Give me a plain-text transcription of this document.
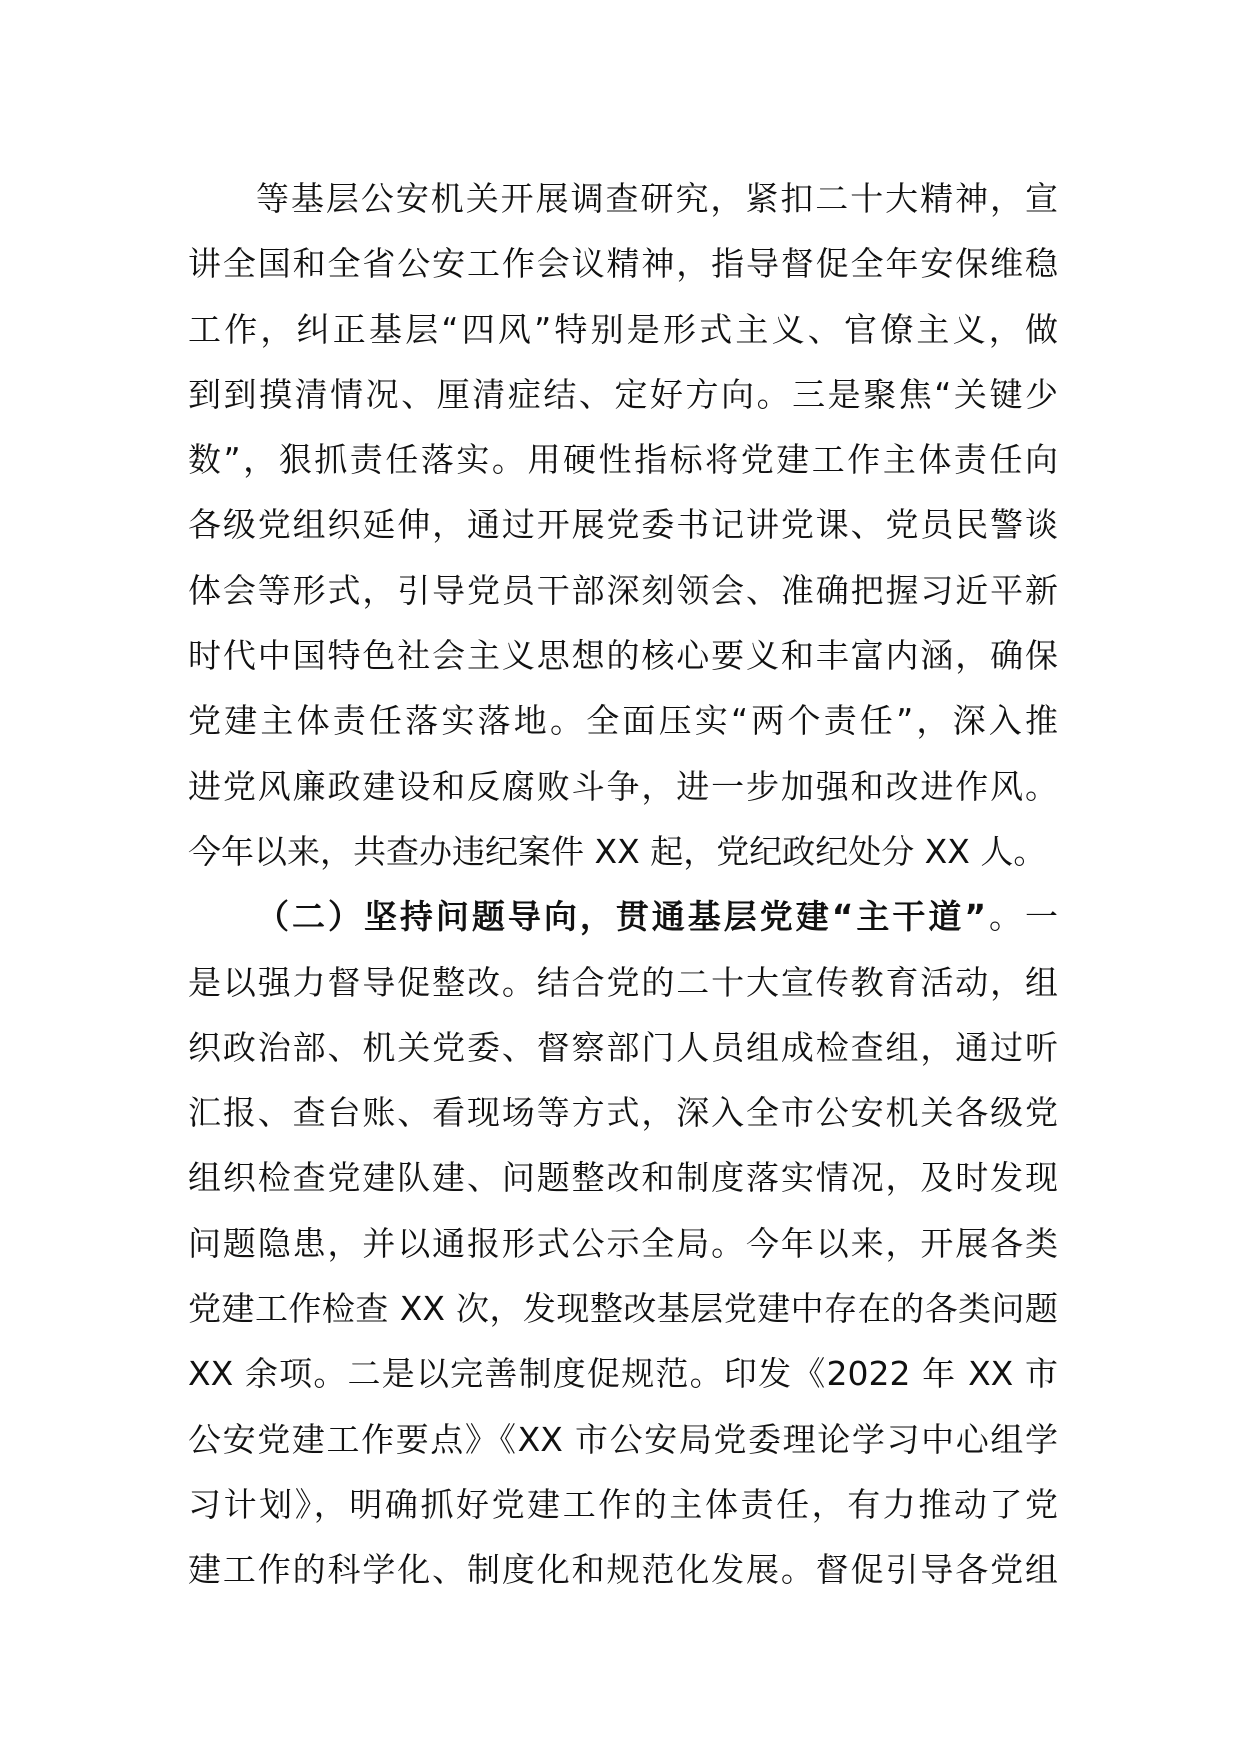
等基层公安机关开展调查研究，紧扣二十大精神，宣
讲全国和全省公安工作会议精神，指导督促全年安保维稳
工作，纠正基层“四风”特别是形式主义、官僚主义，做
到到摸清情况、厘清症结、定好方向。三是聚焦“关键少
数”，狠抓责任落实。用硬性指标将党建工作主体责任向
各级党组织延伸，通过开展党委书记讲党课、党员民警谈
体会等形式，引导党员干部深刻领会、准确把握习近平新
时代中国特色社会主义思想的核心要义和丰富内涵，确保
党建主体责任落实落地。全面压实“两个责任”，深入推
进党风廉政建设和反腐败斗争，进一步加强和改进作风。
今年以来，共查办违纪案件 XX 起，党纪政纪处分 XX 人。
（二）坚持问题导向，贯通基层党建“主干道”。一
是以强力督导促整改。结合党的二十大宣传教育活动，组
织政治部、机关党委、督察部门人员组成检查组，通过听
汇报、查台账、看现场等方式，深入全市公安机关各级党
组织检查党建队建、问题整改和制度落实情况，及时发现
问题隐患，并以通报形式公示全局。今年以来，开展各类
党建工作检查 XX 次，发现整改基层党建中存在的各类问题
XX 余项。二是以完善制度促规范。印发《2022 年 XX 市
公安党建工作要点》《XX 市公安局党委理论学习中心组学
习计划》，明确抓好党建工作的主体责任，有力推动了党
建工作的科学化、制度化和规范化发展。督促引导各党组
